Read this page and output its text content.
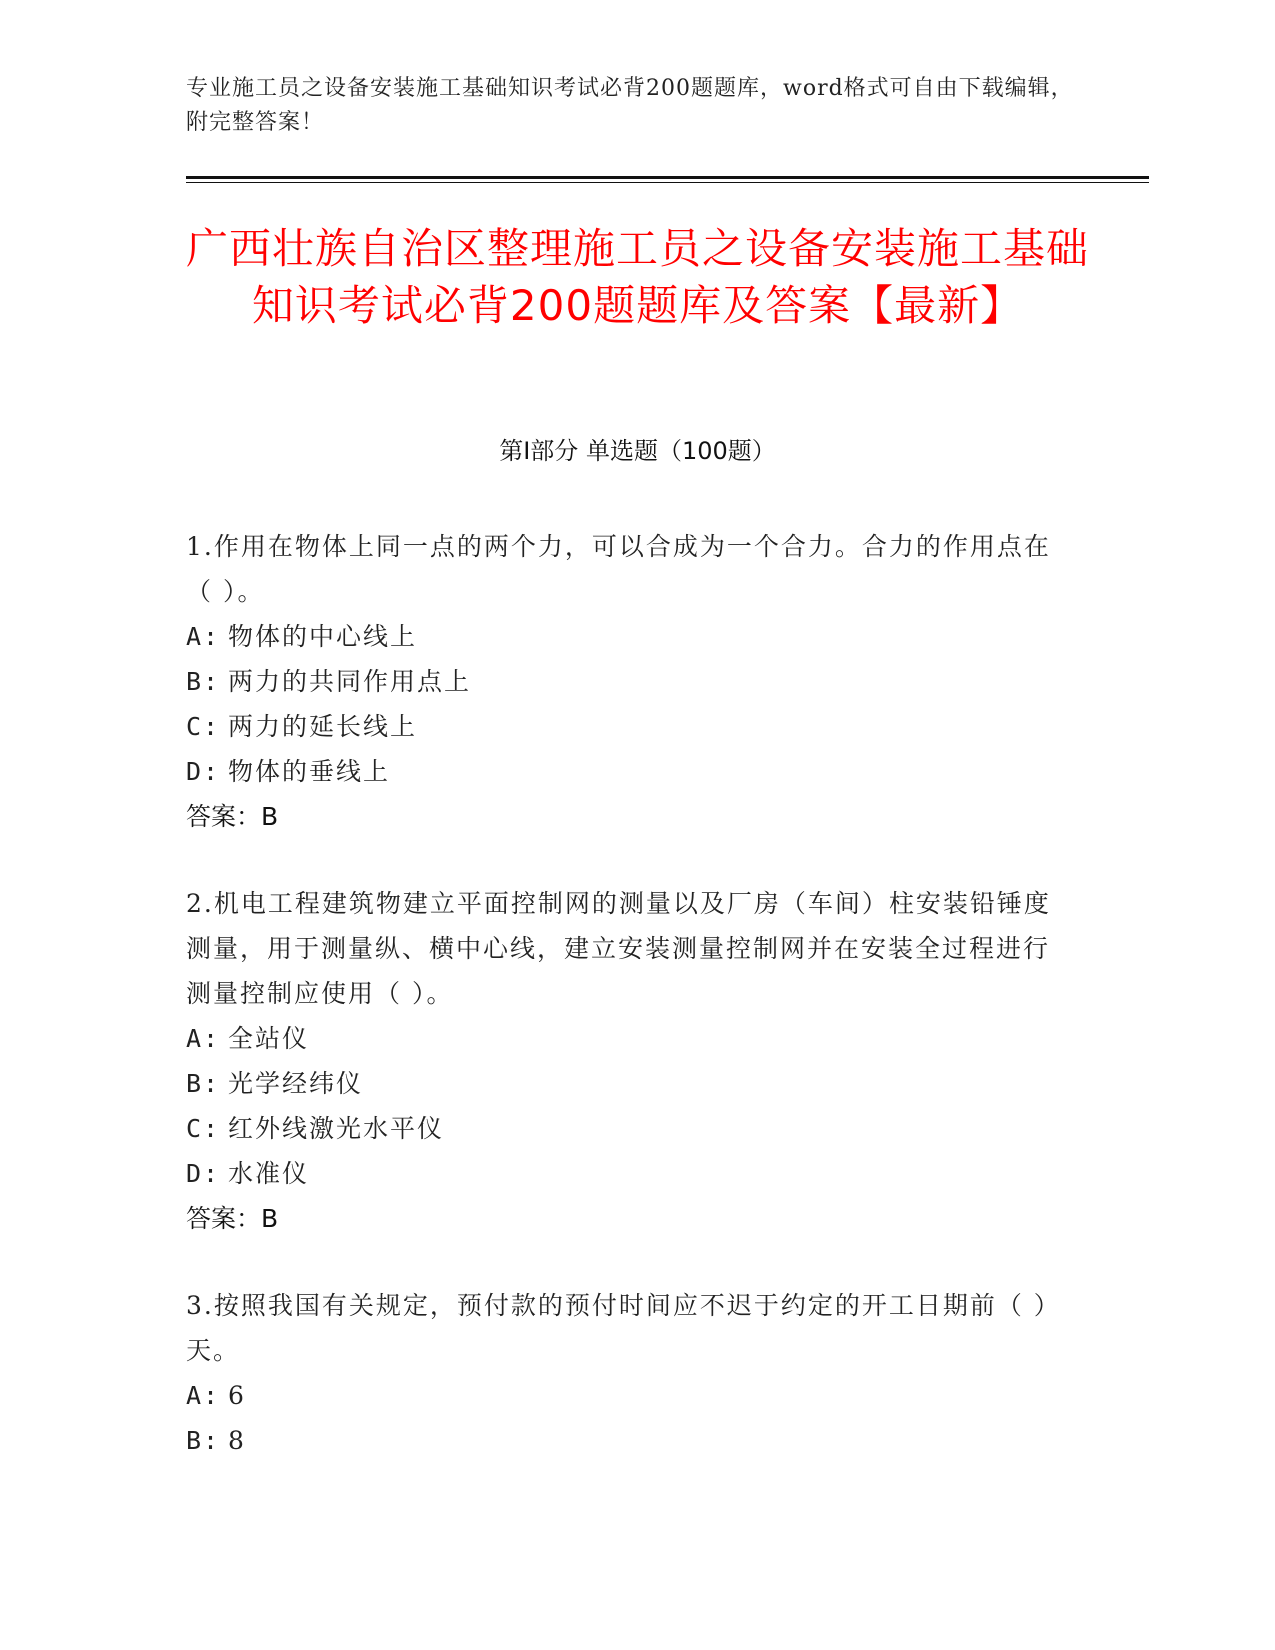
专业施工员之设备安装施工基础知识考试必背200题题库，word格式可自由下载编辑，附完整答案！
广西壮族自治区整理施工员之设备安装施工基础知识考试必背200题题库及答案【最新】
第Ⅰ部分 单选题（100题）

1.作用在物体上同一点的两个力，可以合成为一个合力。合力的作用点在（ ）。

A: 物体的中心线上
B: 两力的共同作用点上
C: 两力的延长线上
D: 物体的垂线上
答案：B

2.机电工程建筑物建立平面控制网的测量以及厂房（车间）柱安装铅锤度测量，用于测量纵、横中心线，建立安装测量控制网并在安装全过程进行测量控制应使用（ ）。

A: 全站仪
B: 光学经纬仪
C: 红外线激光水平仪
D: 水准仪
答案：B

3.按照我国有关规定，预付款的预付时间应不迟于约定的开工日期前（ ）天。

A: 6
B: 8
